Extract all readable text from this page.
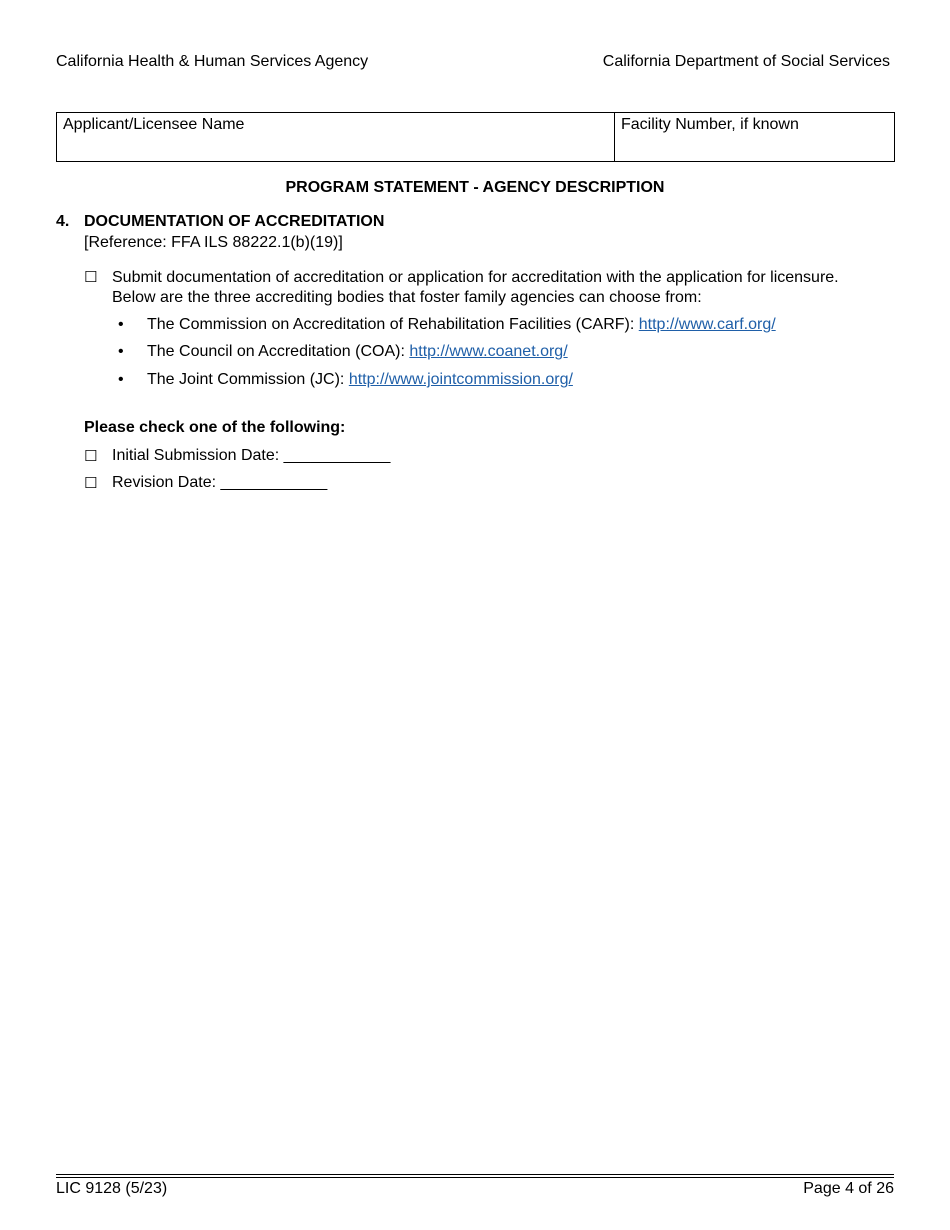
California Health & Human Services Agency	California Department of Social Services
Applicant/Licensee Name	Facility Number, if known
PROGRAM STATEMENT - AGENCY DESCRIPTION
4. DOCUMENTATION OF ACCREDITATION
[Reference: FFA ILS 88222.1(b)(19)]
☐ Submit documentation of accreditation or application for accreditation with the application for licensure.
Below are the three accrediting bodies that foster family agencies can choose from:
• The Commission on Accreditation of Rehabilitation Facilities (CARF): http://www.carf.org/
• The Council on Accreditation (COA): http://www.coanet.org/
• The Joint Commission (JC): http://www.jointcommission.org/
Please check one of the following:
☐ Initial Submission Date: ____________
☐ Revision Date: ____________
LIC 9128 (5/23)	Page 4 of 26
